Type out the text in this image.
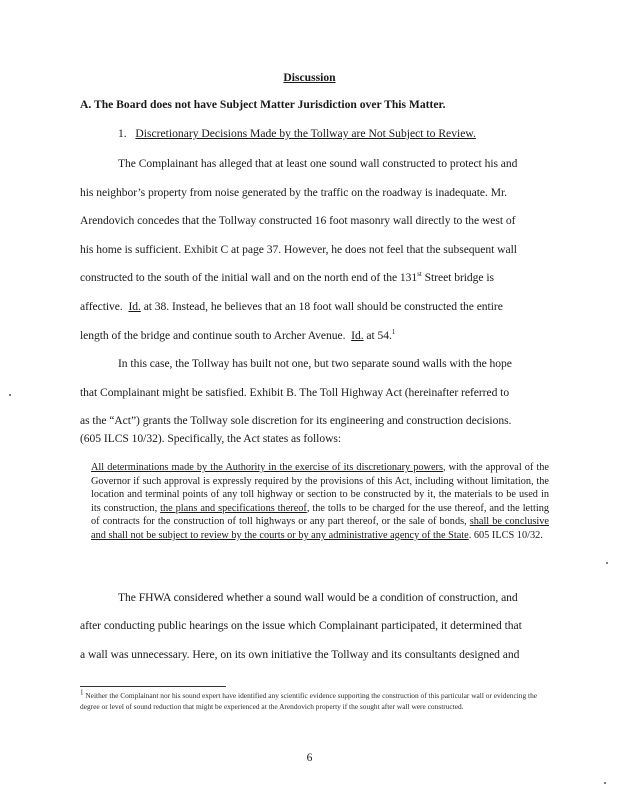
Discussion
A. The Board does not have Subject Matter Jurisdiction over This Matter.
1. Discretionary Decisions Made by the Tollway are Not Subject to Review.
The Complainant has alleged that at least one sound wall constructed to protect his and
his neighbor’s property from noise generated by the traffic on the roadway is inadequate. Mr.
Arendovich concedes that the Tollway constructed 16 foot masonry wall directly to the west of
his home is sufficient. Exhibit C at page 37. However, he does not feel that the subsequent wall
constructed to the south of the initial wall and on the north end of the 131st Street bridge is
affective. Id. at 38. Instead, he believes that an 18 foot wall should be constructed the entire
length of the bridge and continue south to Archer Avenue. Id. at 54.$^1$
In this case, the Tollway has built not one, but two separate sound walls with the hope
that Complainant might be satisfied. Exhibit B. The Toll Highway Act (hereinafter referred to
as the “Act”) grants the Tollway sole discretion for its engineering and construction decisions.
(605 ILCS 10/32). Specifically, the Act states as follows:
All determinations made by the Authority in the exercise of its discretionary powers, with the approval of the Governor if such approval is expressly required by the provisions of this Act, including without limitation, the location and terminal points of any toll highway or section to be constructed by it, the materials to be used in its construction, the plans and specifications thereof, the tolls to be charged for the use thereof, and the letting of contracts for the construction of toll highways or any part thereof, or the sale of bonds, shall be conclusive and shall not be subject to review by the courts or by any administrative agency of the State. 605 ILCS 10/32.
The FHWA considered whether a sound wall would be a condition of construction, and
after conducting public hearings on the issue which Complainant participated, it determined that
a wall was unnecessary. Here, on its own initiative the Tollway and its consultants designed and
$^1$ Neither the Complainant nor his sound expert have identified any scientific evidence supporting the construction of this particular wall or evidencing the degree or level of sound reduction that might be experienced at the Arendovich property if the sought after wall were constructed.
6
